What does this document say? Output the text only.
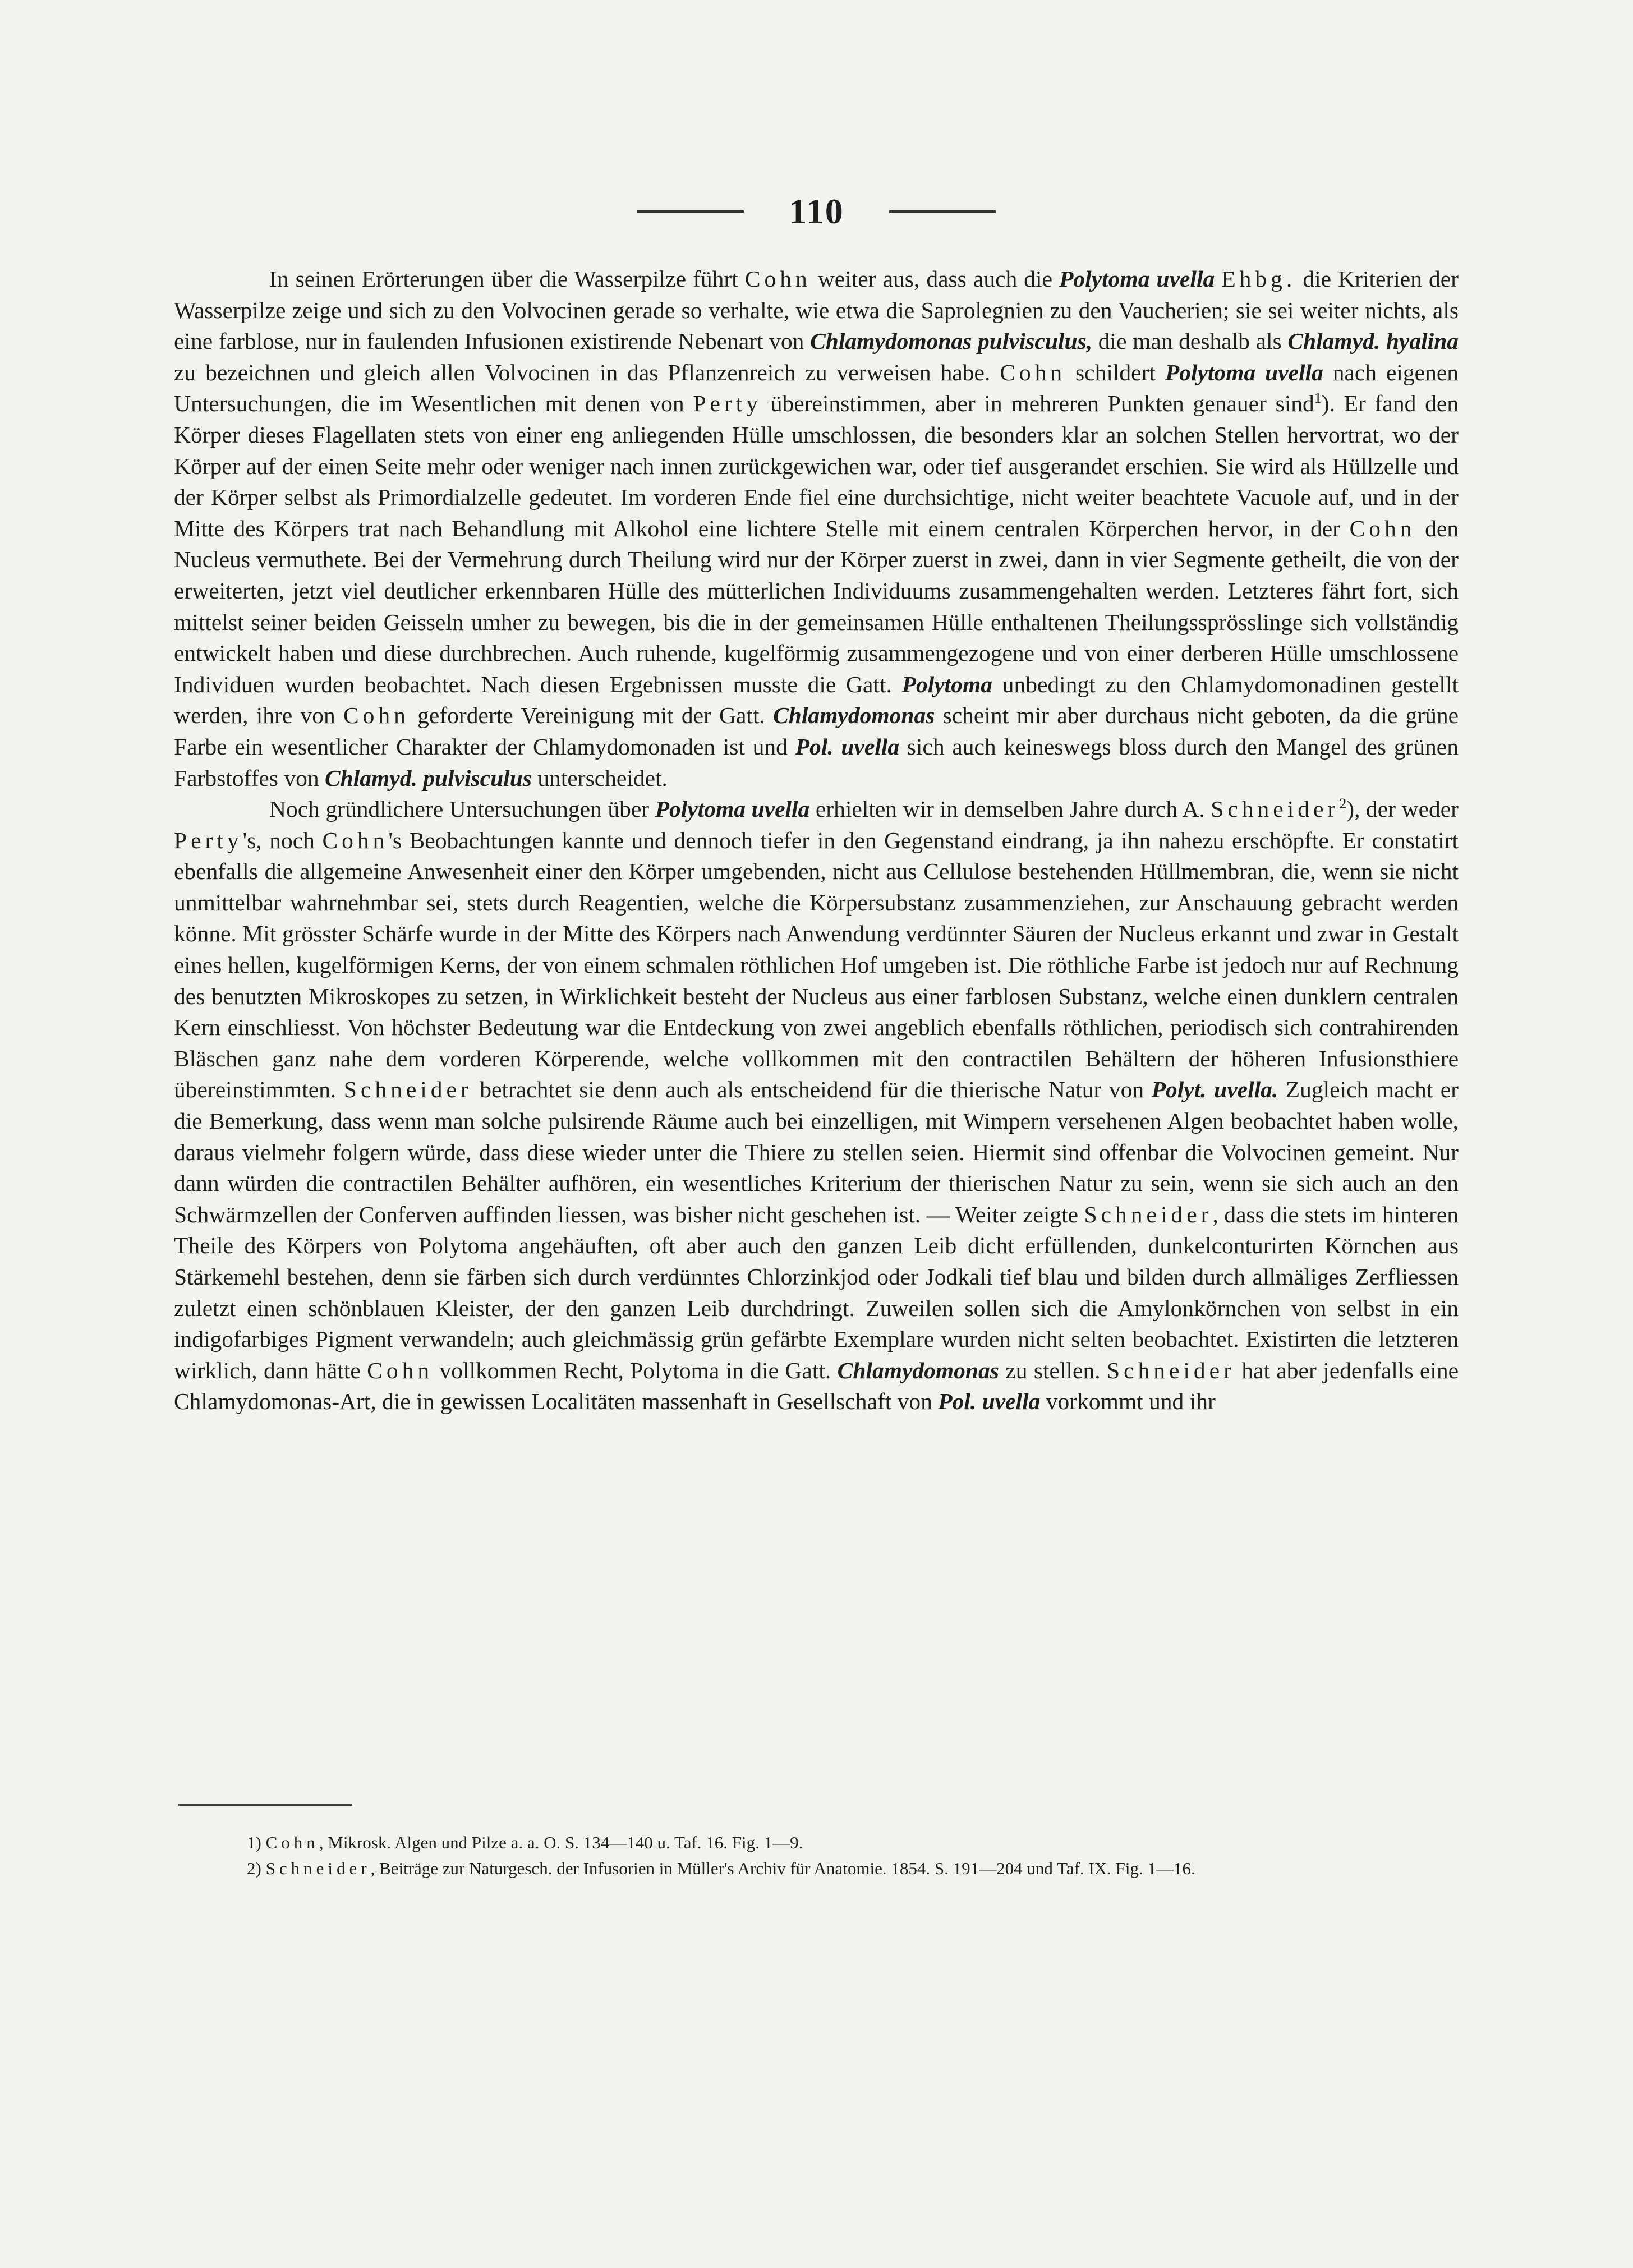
110

In seinen Erörterungen über die Wasserpilze führt Cohn weiter aus, dass auch die Polytoma uvella Ehbg. die Kriterien der Wasserpilze zeige und sich zu den Volvocinen gerade so verhalte, wie etwa die Saprolegnien zu den Vaucherien; sie sei weiter nichts, als eine farblose, nur in faulenden Infusionen existirende Nebenart von Chlamydomonas pulvisculus, die man deshalb als Chlamyd. hyalina zu bezeichnen und gleich allen Volvocinen in das Pflanzenreich zu verweisen habe. Cohn schildert Polytoma uvella nach eigenen Untersuchungen, die im Wesentlichen mit denen von Perty übereinstimmen, aber in mehreren Punkten genauer sind$^1$). Er fand den Körper dieses Flagellaten stets von einer eng anliegenden Hülle umschlossen, die besonders klar an solchen Stellen hervortrat, wo der Körper auf der einen Seite mehr oder weniger nach innen zurückgewichen war, oder tief ausgerandet erschien. Sie wird als Hüllzelle und der Körper selbst als Primordialzelle gedeutet. Im vorderen Ende fiel eine durchsichtige, nicht weiter beachtete Vacuole auf, und in der Mitte des Körpers trat nach Behandlung mit Alkohol eine lichtere Stelle mit einem centralen Körperchen hervor, in der Cohn den Nucleus vermuthete. Bei der Vermehrung durch Theilung wird nur der Körper zuerst in zwei, dann in vier Segmente getheilt, die von der erweiterten, jetzt viel deutlicher erkennbaren Hülle des mütterlichen Individuums zusammengehalten werden. Letzteres fährt fort, sich mittelst seiner beiden Geisseln umher zu bewegen, bis die in der gemeinsamen Hülle enthaltenen Theilungssprösslinge sich vollständig entwickelt haben und diese durchbrechen. Auch ruhende, kugelförmig zusammengezogene und von einer derberen Hülle umschlossene Individuen wurden beobachtet. Nach diesen Ergebnissen musste die Gatt. Polytoma unbedingt zu den Chlamydomonadinen gestellt werden, ihre von Cohn geforderte Vereinigung mit der Gatt. Chlamydomonas scheint mir aber durchaus nicht geboten, da die grüne Farbe ein wesentlicher Charakter der Chlamydomonaden ist und Pol. uvella sich auch keineswegs bloss durch den Mangel des grünen Farbstoffes von Chlamyd. pulvisculus unterscheidet.

Noch gründlichere Untersuchungen über Polytoma uvella erhielten wir in demselben Jahre durch A. Schneider$^2$), der weder Perty's, noch Cohn's Beobachtungen kannte und dennoch tiefer in den Gegenstand eindrang, ja ihn nahezu erschöpfte. Er constatirt ebenfalls die allgemeine Anwesenheit einer den Körper umgebenden, nicht aus Cellulose bestehenden Hüllmembran, die, wenn sie nicht unmittelbar wahrnehmbar sei, stets durch Reagentien, welche die Körpersubstanz zusammenziehen, zur Anschauung gebracht werden könne. Mit grösster Schärfe wurde in der Mitte des Körpers nach Anwendung verdünnter Säuren der Nucleus erkannt und zwar in Gestalt eines hellen, kugelförmigen Kerns, der von einem schmalen röthlichen Hof umgeben ist. Die röthliche Farbe ist jedoch nur auf Rechnung des benutzten Mikroskopes zu setzen, in Wirklichkeit besteht der Nucleus aus einer farblosen Substanz, welche einen dunklern centralen Kern einschliesst. Von höchster Bedeutung war die Entdeckung von zwei angeblich ebenfalls röthlichen, periodisch sich contrahirenden Bläschen ganz nahe dem vorderen Körperende, welche vollkommen mit den contractilen Behältern der höheren Infusionsthiere übereinstimmten. Schneider betrachtet sie denn auch als entscheidend für die thierische Natur von Polyt. uvella. Zugleich macht er die Bemerkung, dass wenn man solche pulsirende Räume auch bei einzelligen, mit Wimpern versehenen Algen beobachtet haben wolle, daraus vielmehr folgern würde, dass diese wieder unter die Thiere zu stellen seien. Hiermit sind offenbar die Volvocinen gemeint. Nur dann würden die contractilen Behälter aufhören, ein wesentliches Kriterium der thierischen Natur zu sein, wenn sie sich auch an den Schwärmzellen der Conferven auffinden liessen, was bisher nicht geschehen ist. — Weiter zeigte Schneider, dass die stets im hinteren Theile des Körpers von Polytoma angehäuften, oft aber auch den ganzen Leib dicht erfüllenden, dunkelconturirten Körnchen aus Stärkemehl bestehen, denn sie färben sich durch verdünntes Chlorzinkjod oder Jodkali tief blau und bilden durch allmäliges Zerfliessen zuletzt einen schönblauen Kleister, der den ganzen Leib durchdringt. Zuweilen sollen sich die Amylonkörnchen von selbst in ein indigofarbiges Pigment verwandeln; auch gleichmässig grün gefärbte Exemplare wurden nicht selten beobachtet. Existirten die letzteren wirklich, dann hätte Cohn vollkommen Recht, Polytoma in die Gatt. Chlamydomonas zu stellen. Schneider hat aber jedenfalls eine Chlamydomonas-Art, die in gewissen Localitäten massenhaft in Gesellschaft von Pol. uvella vorkommt und ihr

1) Cohn, Mikrosk. Algen und Pilze a. a. O. S. 134—140 u. Taf. 16. Fig. 1—9.

2) Schneider, Beiträge zur Naturgesch. der Infusorien in Müller's Archiv für Anatomie. 1854. S. 191—204 und Taf. IX. Fig. 1—16.
